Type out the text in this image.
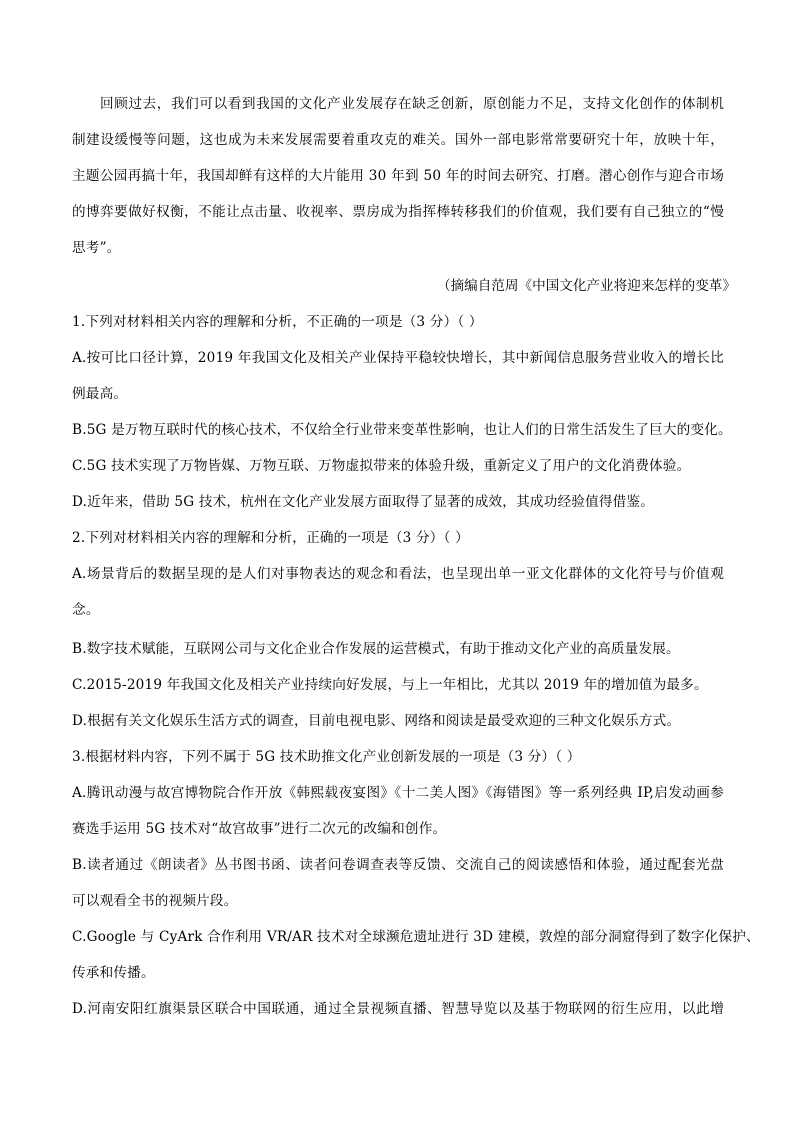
回顾过去，我们可以看到我国的文化产业发展存在缺乏创新，原创能力不足，支持文化创作的体制机
制建设缓慢等问题，这也成为未来发展需要着重攻克的难关。国外一部电影常常要研究十年，放映十年，
主题公园再搞十年，我国却鲜有这样的大片能用 30 年到 50 年的时间去研究、打磨。潜心创作与迎合市场
的博弈要做好权衡，不能让点击量、收视率、票房成为指挥棒转移我们的价值观，我们要有自己独立的“慢
思考”。
（摘编自范周《中国文化产业将迎来怎样的变革》
1.下列对材料相关内容的理解和分析，不正确的一项是（3 分）（ ）
A.按可比口径计算，2019 年我国文化及相关产业保持平稳较快增长，其中新闻信息服务营业收入的增长比
例最高。
B.5G 是万物互联时代的核心技术，不仅给全行业带来变革性影响，也让人们的日常生活发生了巨大的变化。
C.5G 技术实现了万物皆媒、万物互联、万物虚拟带来的体验升级，重新定义了用户的文化消费体验。
D.近年来，借助 5G 技术，杭州在文化产业发展方面取得了显著的成效，其成功经验值得借鉴。
2.下列对材料相关内容的理解和分析，正确的一项是（3 分）（ ）
A.场景背后的数据呈现的是人们对事物表达的观念和看法，也呈现出单一亚文化群体的文化符号与价值观
念。
B.数字技术赋能，互联网公司与文化企业合作发展的运营模式，有助于推动文化产业的高质量发展。
C.2015-2019 年我国文化及相关产业持续向好发展，与上一年相比，尤其以 2019 年的增加值为最多。
D.根据有关文化娱乐生活方式的调查，目前电视电影、网络和阅读是最受欢迎的三种文化娱乐方式。
3.根据材料内容，下列不属于 5G 技术助推文化产业创新发展的一项是（3 分）（ ）
A.腾讯动漫与故宫博物院合作开放《韩熙载夜宴图》《十二美人图》《海错图》等一系列经典 IP,启发动画参
赛选手运用 5G 技术对“故宫故事”进行二次元的改编和创作。
B.读者通过《朗读者》丛书图书函、读者问卷调查表等反馈、交流自己的阅读感悟和体验，通过配套光盘
可以观看全书的视频片段。
C.Google 与 CyArk 合作利用 VR/AR 技术对全球濒危遗址进行 3D 建模，敦煌的部分洞窟得到了数字化保护、
传承和传播。
D.河南安阳红旗渠景区联合中国联通，通过全景视频直播、智慧导览以及基于物联网的衍生应用，以此增
